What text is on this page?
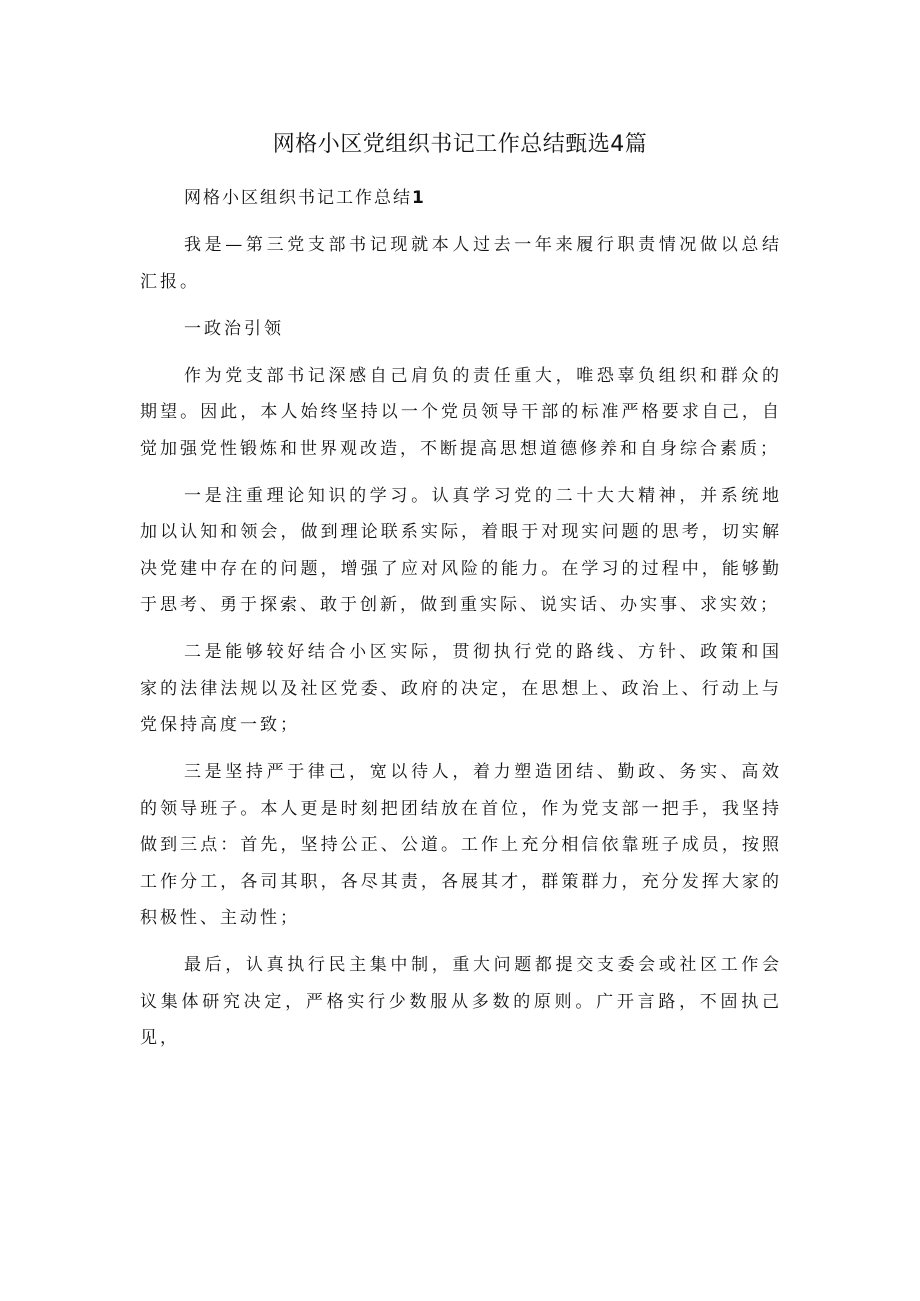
网格小区党组织书记工作总结甄选4篇

网格小区组织书记工作总结1

我是—第三党支部书记现就本人过去一年来履行职责情况做以总结汇报。

一政治引领

作为党支部书记深感自己肩负的责任重大，唯恐辜负组织和群众的期望。因此，本人始终坚持以一个党员领导干部的标准严格要求自己，自觉加强党性锻炼和世界观改造，不断提高思想道德修养和自身综合素质；

一是注重理论知识的学习。认真学习党的二十大大精神，并系统地加以认知和领会，做到理论联系实际，着眼于对现实问题的思考，切实解决党建中存在的问题，增强了应对风险的能力。在学习的过程中，能够勤于思考、勇于探索、敢于创新，做到重实际、说实话、办实事、求实效；

二是能够较好结合小区实际，贯彻执行党的路线、方针、政策和国家的法律法规以及社区党委、政府的决定，在思想上、政治上、行动上与党保持高度一致；

三是坚持严于律己，宽以待人，着力塑造团结、勤政、务实、高效的领导班子。本人更是时刻把团结放在首位，作为党支部一把手，我坚持做到三点：首先，坚持公正、公道。工作上充分相信依靠班子成员，按照工作分工，各司其职，各尽其责，各展其才，群策群力，充分发挥大家的积极性、主动性；

最后，认真执行民主集中制，重大问题都提交支委会或社区工作会议集体研究决定，严格实行少数服从多数的原则。广开言路，不固执己见，
